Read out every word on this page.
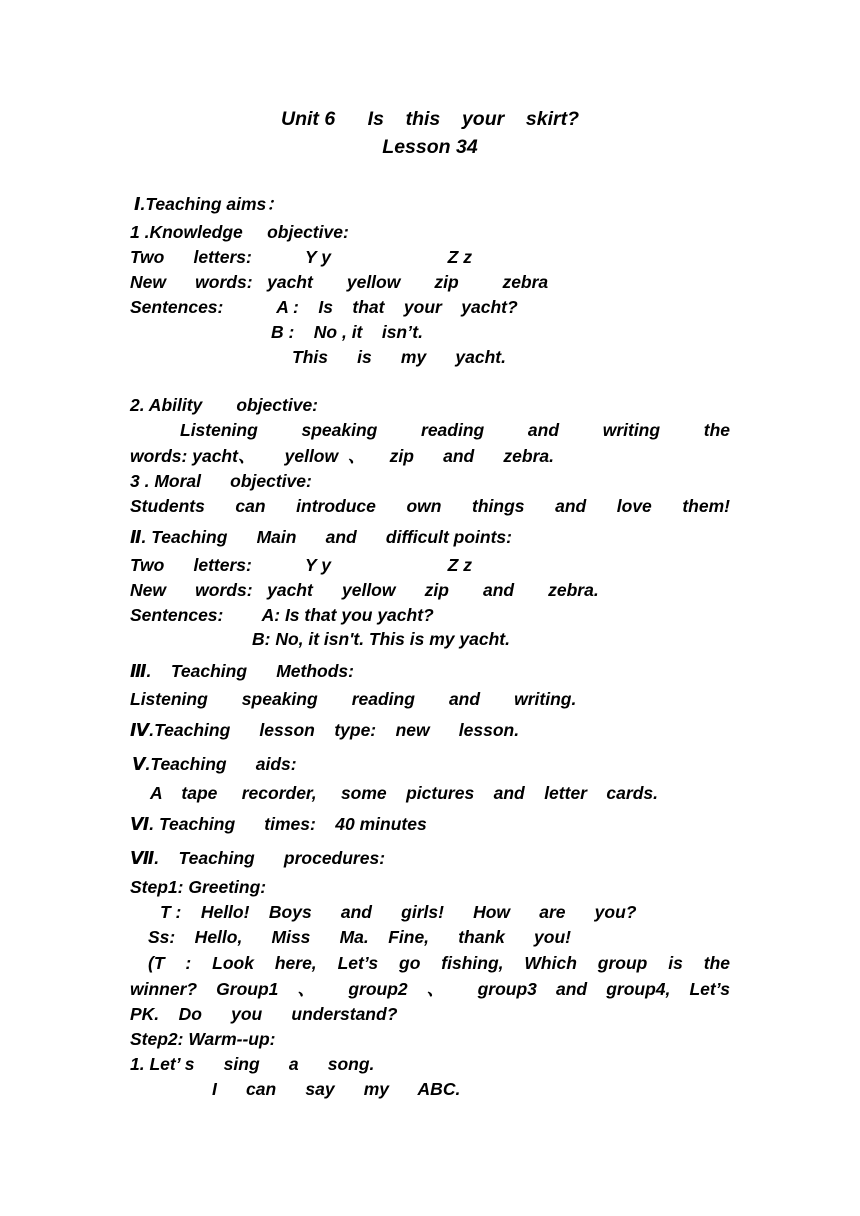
Unit 6      Is    this    your    skirt?
Lesson 34
Ⅰ.Teaching aims：
1 .Knowledge     objective:
Two      letters:           Y y                        Z z
New      words:   yacht       yellow       zip         zebra
Sentences:           A :    Is    that    your    yacht?
B :    No , it    isn’t.
This      is      my      yacht.
2. Ability       objective:
Listening speaking reading and writing the
words: yacht、      yellow  、     zip      and      zebra.
3 . Moral      objective:
Students can introduce own things and love them!
Ⅱ. Teaching      Main      and      difficult points:
Two      letters:           Y y                        Z z
New      words:   yacht      yellow      zip       and       zebra.
Sentences:        A: Is that you yacht?
B: No, it isn't. This is my yacht.
Ⅲ.    Teaching      Methods:
Listening       speaking       reading       and       writing.
Ⅳ.Teaching      lesson    type:    new      lesson.
Ⅴ.Teaching      aids:
A    tape     recorder,     some    pictures    and    letter    cards.
Ⅵ. Teaching      times:    40 minutes
Ⅶ.    Teaching      procedures:
Step1: Greeting:
T :    Hello!    Boys      and      girls!      How      are      you?
Ss:    Hello,      Miss      Ma.    Fine,      thank      you!
(T : Look here, Let’s go fishing, Which group is the
winner? Group1 、 group2 、 group3 and group4, Let’s
PK.    Do      you      understand?
Step2: Warm--up:
1. Let’ s      sing      a      song.
I      can      say      my      ABC.
